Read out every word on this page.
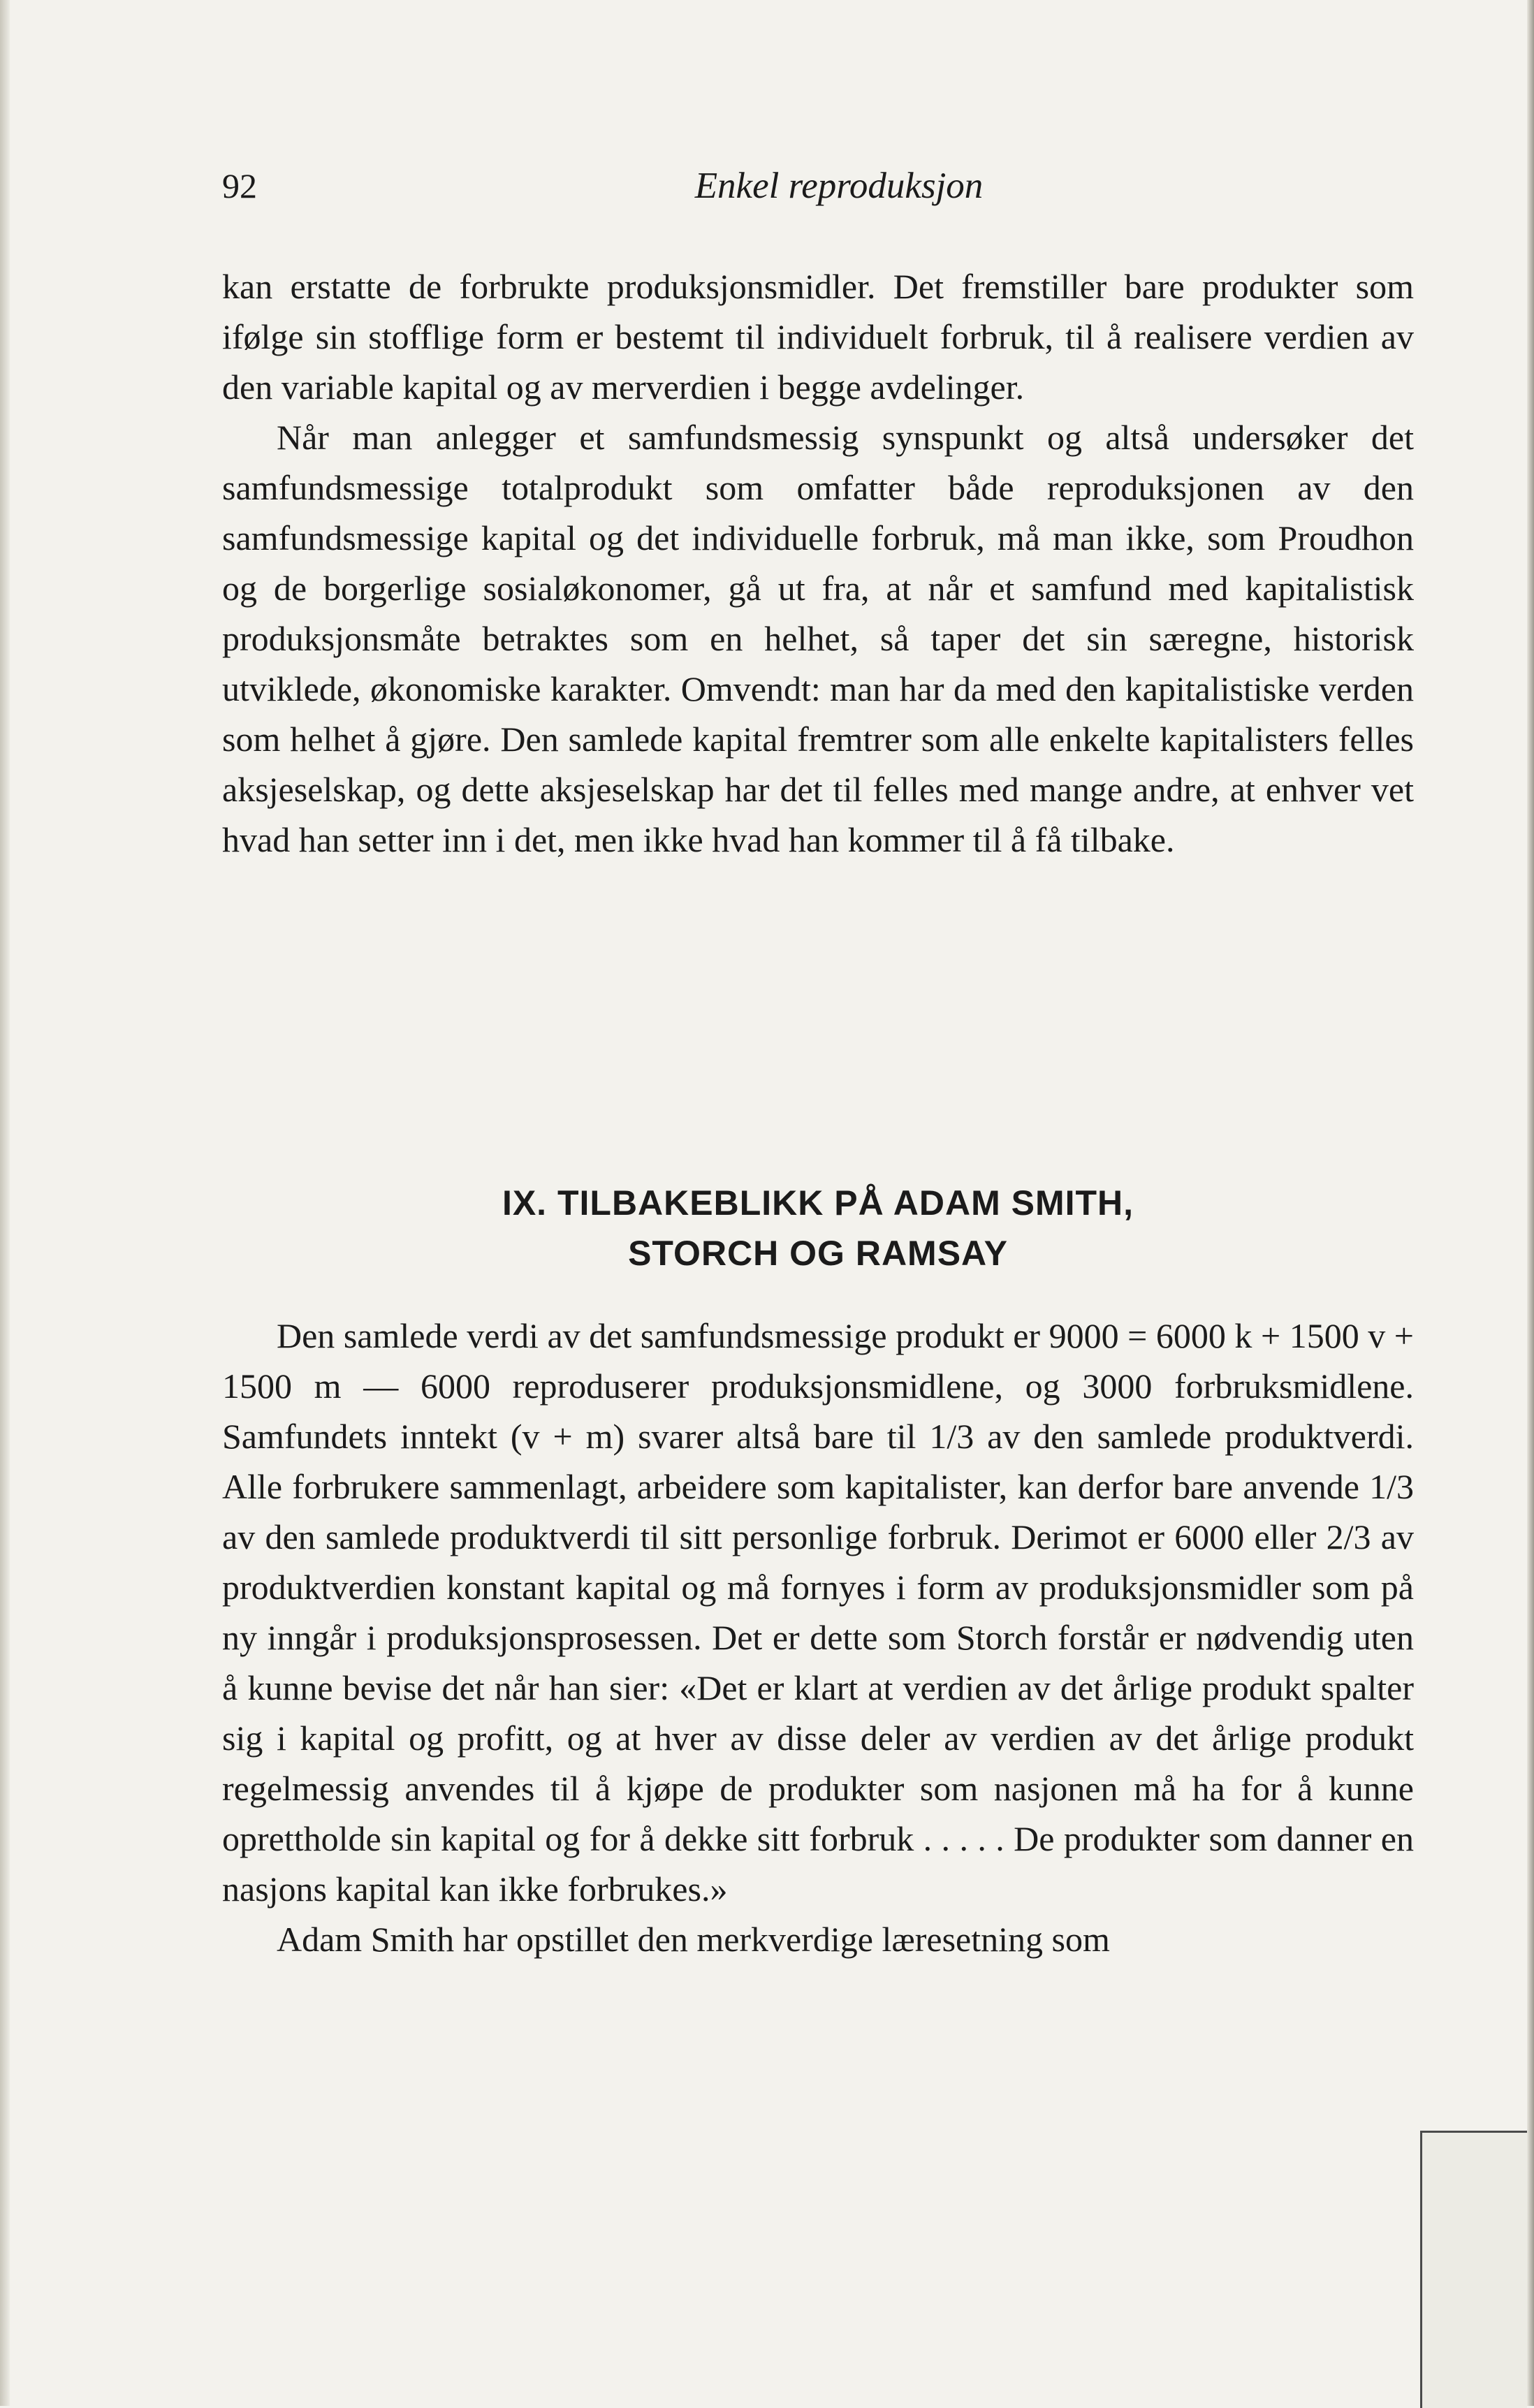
92	Enkel reproduksjon

kan erstatte de forbrukte produksjonsmidler. Det fremstiller bare produkter som ifølge sin stofflige form er bestemt til individuelt forbruk, til å realisere verdien av den variable kapital og av merverdien i begge avdelinger.

Når man anlegger et samfundsmessig synspunkt og altså undersøker det samfundsmessige totalprodukt som omfatter både reproduksjonen av den samfundsmessige kapital og det individuelle forbruk, må man ikke, som Proudhon og de borgerlige sosialøkonomer, gå ut fra, at når et samfund med kapitalistisk produksjonsmåte betraktes som en helhet, så taper det sin særegne, historisk utviklede, økonomiske karakter. Omvendt: man har da med den kapitalistiske verden som helhet å gjøre. Den samlede kapital fremtrer som alle enkelte kapitalisters felles aksjeselskap, og dette aksjeselskap har det til felles med mange andre, at enhver vet hvad han setter inn i det, men ikke hvad han kommer til å få tilbake.

IX. TILBAKEBLIKK PÅ ADAM SMITH,
STORCH OG RAMSAY

Den samlede verdi av det samfundsmessige produkt er 9000 = 6000 k + 1500 v + 1500 m — 6000 reproduserer produksjonsmidlene, og 3000 forbruksmidlene. Samfundets inntekt (v + m) svarer altså bare til 1/3 av den samlede produktverdi. Alle forbrukere sammenlagt, arbeidere som kapitalister, kan derfor bare anvende 1/3 av den samlede produktverdi til sitt personlige forbruk. Derimot er 6000 eller 2/3 av produktverdien konstant kapital og må fornyes i form av produksjonsmidler som på ny inngår i produksjonsprosessen. Det er dette som Storch forstår er nødvendig uten å kunne bevise det når han sier: «Det er klart at verdien av det årlige produkt spalter sig i kapital og profitt, og at hver av disse deler av verdien av det årlige produkt regelmessig anvendes til å kjøpe de produkter som nasjonen må ha for å kunne oprettholde sin kapital og for å dekke sitt forbruk . . . . . De produkter som danner en nasjons kapital kan ikke forbrukes.»

Adam Smith har opstillet den merkverdige læresetning som
